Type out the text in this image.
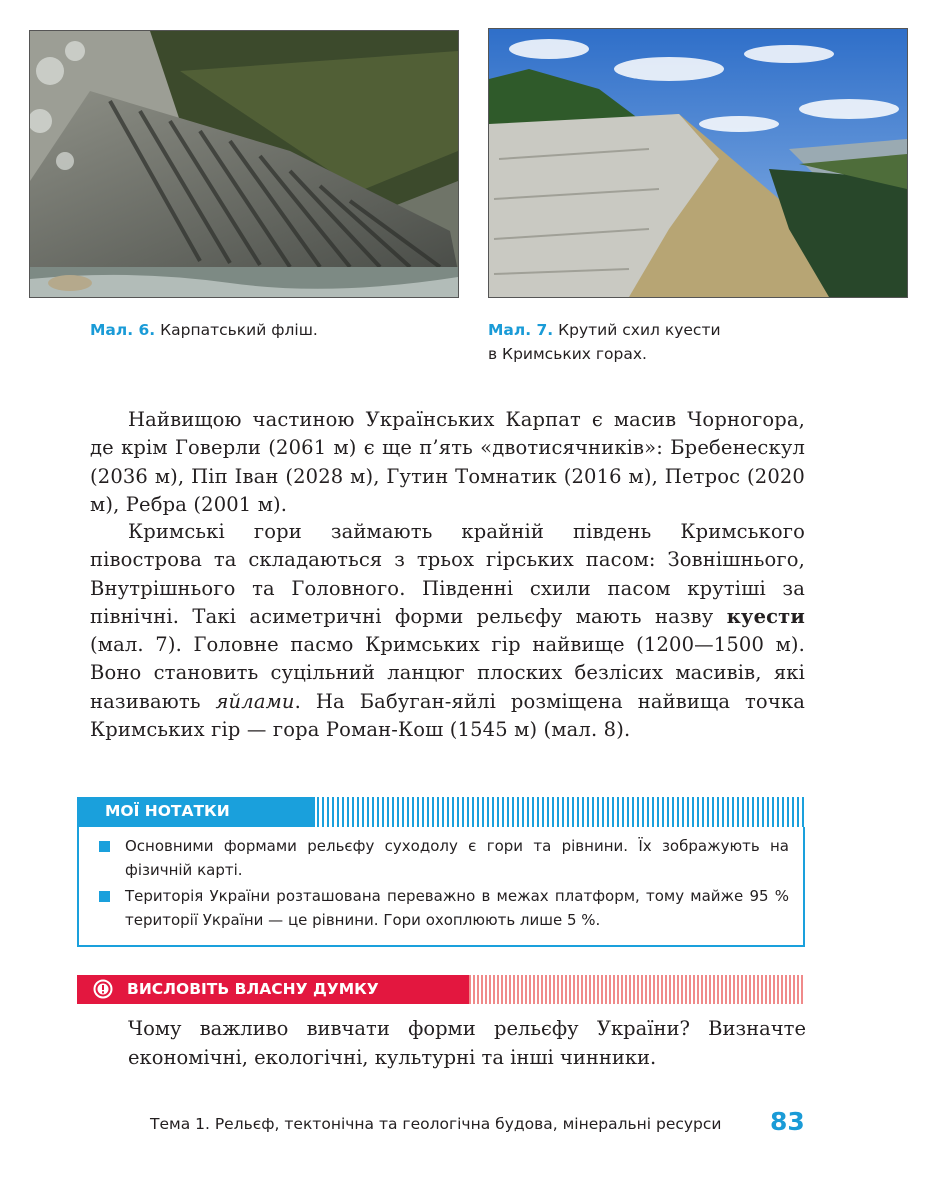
Мал. 6. Карпатський фліш.	Мал. 7. Крутий схил куести
в Кримських горах.

Найвищою частиною Українських Карпат є масив Чорногора, де крім Говерли (2061 м) є ще п’ять «двотисячників»: Бребенескул (2036 м), Піп Іван (2028 м), Гутин Томнатик (2016 м), Петрос (2020 м), Ребра (2001 м).

Кримські гори займають крайній південь Кримського півострова та складаються з трьох гірських пасом: Зовнішнього, Внутрішнього та Головного. Південні схили пасом крутіші за північні. Такі асиметричні форми рельєфу мають назву куести (мал. 7). Головне пасмо Кримських гір найвище (1200—1500 м). Воно становить суцільний ланцюг плоских безлісих масивів, які називають яйлами. На Бабуган-яйлі розміщена найвища точка Кримських гір — гора Роман-Кош (1545 м) (мал. 8).

МОЇ НОТАТКИ
Основними формами рельєфу суходолу є гори та рівнини. Їх зображують на фізичній карті.
Територія України розташована переважно в межах платформ, тому майже 95 % території України — це рівнини. Гори охоплюють лише 5 %.
ВИСЛОВІТЬ ВЛАСНУ ДУМКУ

Чому важливо вивчати форми рельєфу України? Визначте економічні, екологічні, культурні та інші чинники.

Тема 1. Рельєф, тектонічна та геологічна будова, мінеральні ресурси 83
